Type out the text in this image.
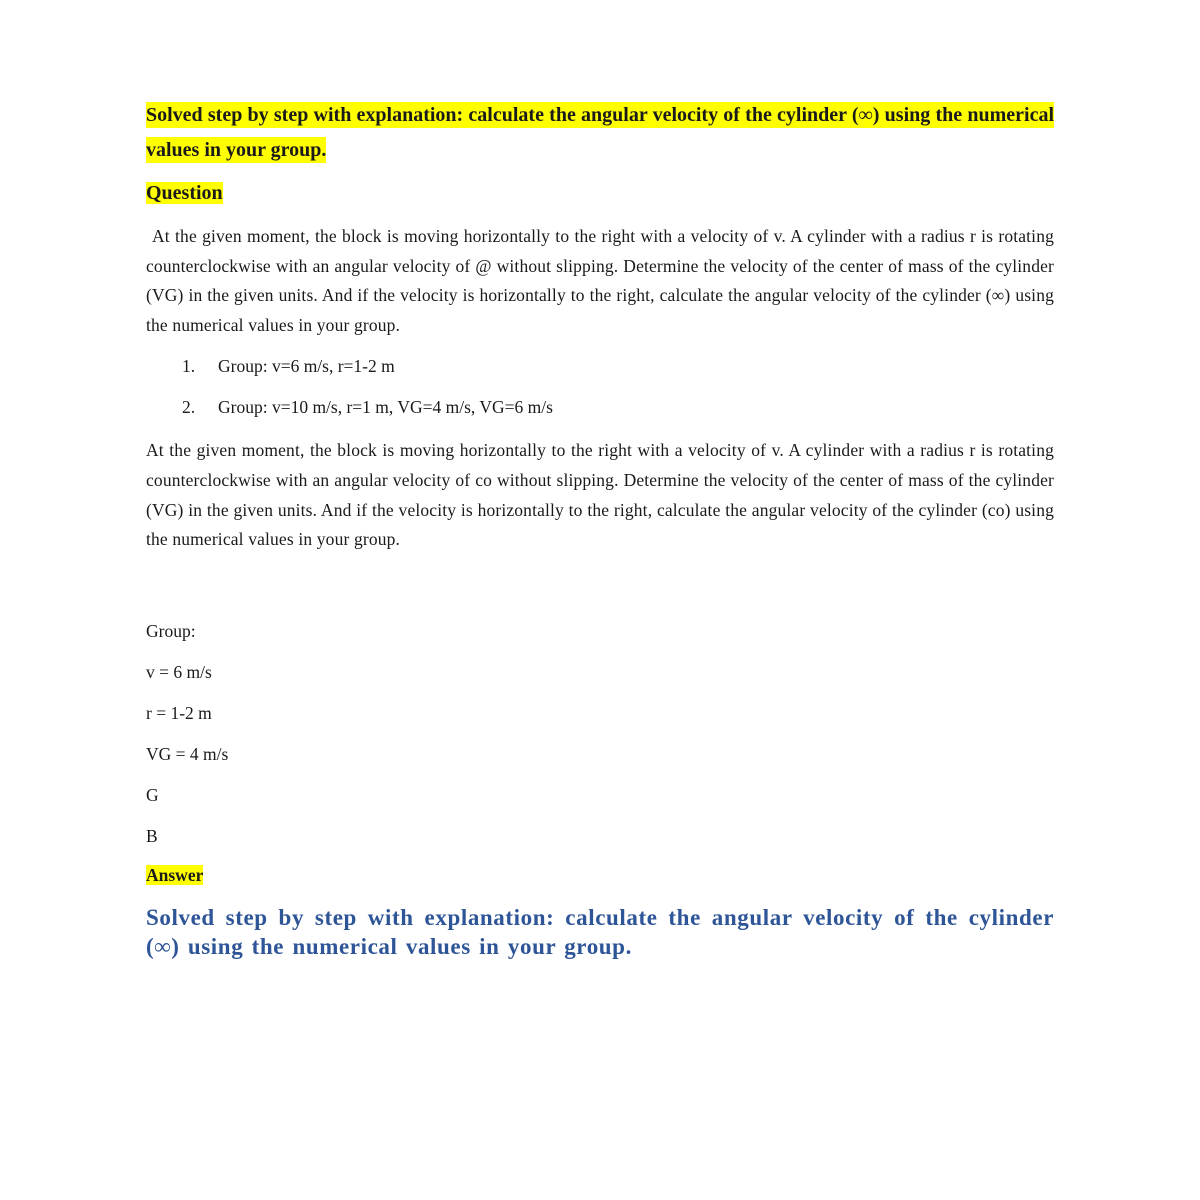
Solved step by step with explanation: calculate the angular velocity of the cylinder (∞) using the numerical values in your group.

Question

At the given moment, the block is moving horizontally to the right with a velocity of v. A cylinder with a radius r is rotating counterclockwise with an angular velocity of @ without slipping. Determine the velocity of the center of mass of the cylinder (VG) in the given units. And if the velocity is horizontally to the right, calculate the angular velocity of the cylinder (∞) using the numerical values in your group.

1.	Group: v=6 m/s, r=1-2 m
2.	Group: v=10 m/s, r=1 m, VG=4 m/s, VG=6 m/s

At the given moment, the block is moving horizontally to the right with a velocity of v. A cylinder with a radius r is rotating counterclockwise with an angular velocity of co without slipping. Determine the velocity of the center of mass of the cylinder (VG) in the given units. And if the velocity is horizontally to the right, calculate the angular velocity of the cylinder (co) using the numerical values in your group.

Group:
v = 6 m/s
r = 1-2 m
VG = 4 m/s
G
B

Answer

Solved step by step with explanation: calculate the angular velocity of the cylinder (∞) using the numerical values in your group.
